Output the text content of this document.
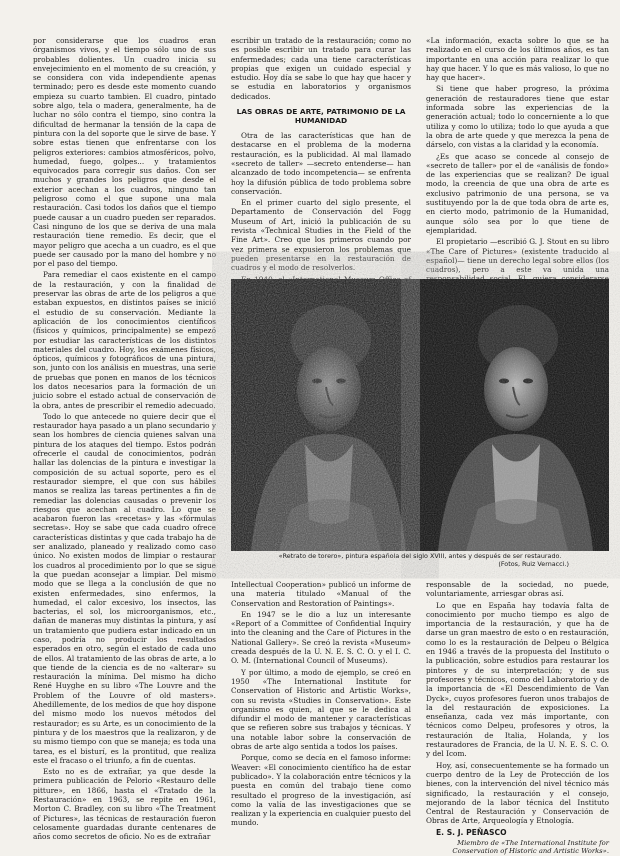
por considerarse que los cuadros eran órganismos vivos, y el tiempo sólo uno de sus probables dolientes. Un cuadro inicia su envejecimiento en el momento de su creación, y se considera con vida independiente apenas terminado; pero es desde este momento cuando empieza su cuarto tambien. El cuadro, pintado sobre algo, tela o madera, generalmente, ha de luchar no sólo contra el tiempo, sino contra la dificultad de hermanar la tensión de la capa de pintura con la del soporte que le sirve de base. Y sobre estas tienen que enfrentarse con los peligros exteriores: cambios atmosféricos, polvo, humedad, fuego, golpes... y tratamientos equivocados para corregir sus daños. Con ser muchos y grandes los peligros que desde el exterior acechan a los cuadros, ninguno tan peligroso como el que supone una mala restauración. Casi todos los daños que el tiempo puede causar a un cuadro pueden ser reparados. Casi ninguno de los que se deriva de una mala restauración tiene remedio. Es decir, que el mayor peligro que acecha a un cuadro, es el que puede ser causado por la mano del hombre y no por el paso del tiempo.

Para remediar el caos existente en el campo de la restauración, y con la finalidad de preservar las obras de arte de los peligros a que estaban expuestos, en distintos países se inició el estudio de su conservación. Mediante la aplicación de los conocimientos científicos (físicos y químicos, principalmente) se empezó por estudiar las características de los distintos materiales del cuadro. Hoy, los exámenes físicos, ópticos, químicos y fotográficos de una pintura, son, junto con los análisis en muestras, una serie de pruebas que ponen en manos de los técnicos los datos necesarios para la formación de un juicio sobre el estado actual de conservación de la obra, antes de prescribir el remedio adecuado.

Todo lo que antecede no quiere decir que el restaurador haya pasado a un plano secundario y sean los hombres de ciencia quienes salvan una pintura de los ataques del tiempo. Estos podrán ofrecerle el caudal de conocimientos, podrán hallar las dolencias de la pintura e investigar la composición de su actual soporte, pero es el restaurador siempre, el que con sus hábiles manos se realiza las tareas pertinentes a fin de remediar las dolencias causadas o prevenir los riesgos que acechan al cuadro. Lo que se acabaron fueron las «recetas» y las «fórmulas secretas». Hoy se sabe que cada cuadro ofrece características distintas y que cada trabajo ha de ser analizado, planeado y realizado como caso único. No existen modos de limpiar o restaurar los cuadros al procedimiento por lo que se sigue la que puedan aconsejar a limpiar. Del mismo modo que se llega a la conclusión de que no existen enfermedades, sino enfermos, la humedad, el calor excesivo, los insectos, las bacterias, el sol, los microorganismos, etc., dañan de maneras muy distintas la pintura, y así un tratamiento que pudiera estar indicado en un caso, podría no producir los resultados esperados en otro, según el estado de cada uno de ellos. Al tratamiento de las obras de arte, a lo que tiende de la ciencia es de no «alterar» su restauración la mínima. Del mismo ha dicho René Huyghe en su libro «The Louvre and the Problem of the Louvre of old masters». Ahedillemente, de los medios de que hoy dispone del mismo modo los nuevos métodos del restaurador; es su Arte, es un conocimiento de la pintura y de los maestros que la realizaron, y de su mismo tiempo con que se maneja; es toda una tarea, es el bisturí, es la prontitud, que realiza este el fracaso o el triunfo, a fin de cuentas.

Esto no es de extrañar, ya que desde la primera publicación de Pelorio «Restauro delle pitture», en 1866, hasta el «Tratado de la Restauración» en 1963, se repite en 1961, Morton C. Bradley, con su libro «The Treatment of Pictures», las técnicas de restauración fueron celosamente guardadas durante centenares de años como secretos de oficio. No es de extrañar

escribir un tratado de la restauración; como no es posible escribir un tratado para curar las enfermedades; cada una tiene características propias que exigen un cuidado especial y estudio. Hoy día se sabe lo que hay que hacer y se estudia en laboratorios y organismos dedicados.

LAS OBRAS DE ARTE, PATRIMONIO DE LA HUMANIDAD

Otra de las características que han de destacarse en el problema de la moderna restauración, es la publicidad. Al mal llamado «secreto de taller» —secreto entenderse— han alcanzado de todo incompetencia— se enfrenta hoy la difusión pública de todo problema sobre conservación.

En el primer cuarto del siglo presente, el Departamento de Conservación del Fogg Museum of Art, inició la publicación de su revista «Technical Studies in the Field of the Fine Art». Creo que los primeros cuando por vez primera se expusieron los problemas que pueden presentarse en la restauración de cuadros y el modo de resolverlos.

«La información, exacta sobre lo que se ha realizado en el curso de los últimos años, es tan importante en una acción para realizar lo que hay que hacer. Y lo que es más valioso, lo que no hay que hacer».

Si tiene que haber progreso, la próxima generación de restauradores tiene que estar informada sobre las experiencias de la generación actual; todo lo concerniente a lo que utiliza y como lo utiliza; todo lo que ayuda a que la obra de arte quede y que merezca la pena de dárselo, con vistas a la claridad y la economía.

¿Es que acaso se concede al consejo de «secreto de taller» por el de «análisis de fondo» de las experiencias que se realizan? De igual modo, la creencia de que una obra de arte es exclusivo patrimonio de una persona, se va sustituyendo por la de que toda obra de arte es, en cierto modo, patrimonio de la Humanidad, aunque sólo sea por lo que tiene de ejemplaridad.

El propietario —escribió G. J. Stout en su libro «The Care of Pictures» (existente traducido al español)— tiene un derecho legal sobre ellos (los cuadros), pero a este va unida una

«Retrato de torero», pintura española del siglo XVIII, antes y después de ser restaurado.
(Fotos, Ruiz Vernacci.)

Intellectual Cooperation» publicó un informe de una materia titulado «Manual of the Conservation and Restoration of Paintings».

En 1947 se le dio a luz un interesante «Report of a Committee of Confidential Inquiry into the cleaning and the Care of Pictures in the National Gallery». Se creó la revista «Museum» creada después de la U. N. E. S. C. O. y el I. C. O. M. (International Council of Museums).

Y por último, a modo de ejemplo, se creó en 1950 «The International Institute for Conservation of Historic and Artistic Works», con su revista «Studies in Conservation». Este organismo es quien, al que se le dedica al difundir el modo de mantener y características que se refieren sobre sus trabajos y técnicas. Y una notable labor sobre la conservación de obras de arte algo sentida a todos los países.

Porque, como se decía en el famoso informe: Weaver: «El conocimiento científico ha de estar publicado». Y la colaboración entre técnicos y la puesta en común del trabajo tiene como resultado el progreso de la investigación, así como la valía de las investigaciones que se realizan y la experiencia en cualquier puesto del mundo.

responsable de la sociedad, no puede, voluntariamente, arriesgar obras así.

Lo que en España hay todavía falta de conocimiento por mucho tiempo es algo de importancia de la restauración, y que ha de darse un gran maestro de esto o en restauración, como lo es la restauración de Delpeu o Bélgica en 1946 a través de la propuesta del Instituto o la publicación, sobre estudios para restaurar los pintores y de su interpretación; y de sus profesores y técnicos, como del Laboratorio y de la importancia de «El Descendimiento de Van Dyck», cuyos profesores fueron unos trabajos de la del restauración de exposiciones. La enseñanza, cada vez más importante, con técnicos como Delpeu, profesores y otros, la restauración de Italia, Holanda, y los restauradores de Francia, de la U. N. E. S. C. O. y del Icom.

Hoy, así, consecuentemente se ha formado un cuerpo dentro de la Ley de Protección de los bienes, con la intervención del nivel técnico más significado, la restauración y el consejo, mejorando de la labor técnica del Instituto Central de Restauración y Conservación de Obras de Arte, Arqueología y Etnología.

E. S. J. PEÑASCO

Miembro de «The International Institute for Conservation of Historic and Artistic Works».
